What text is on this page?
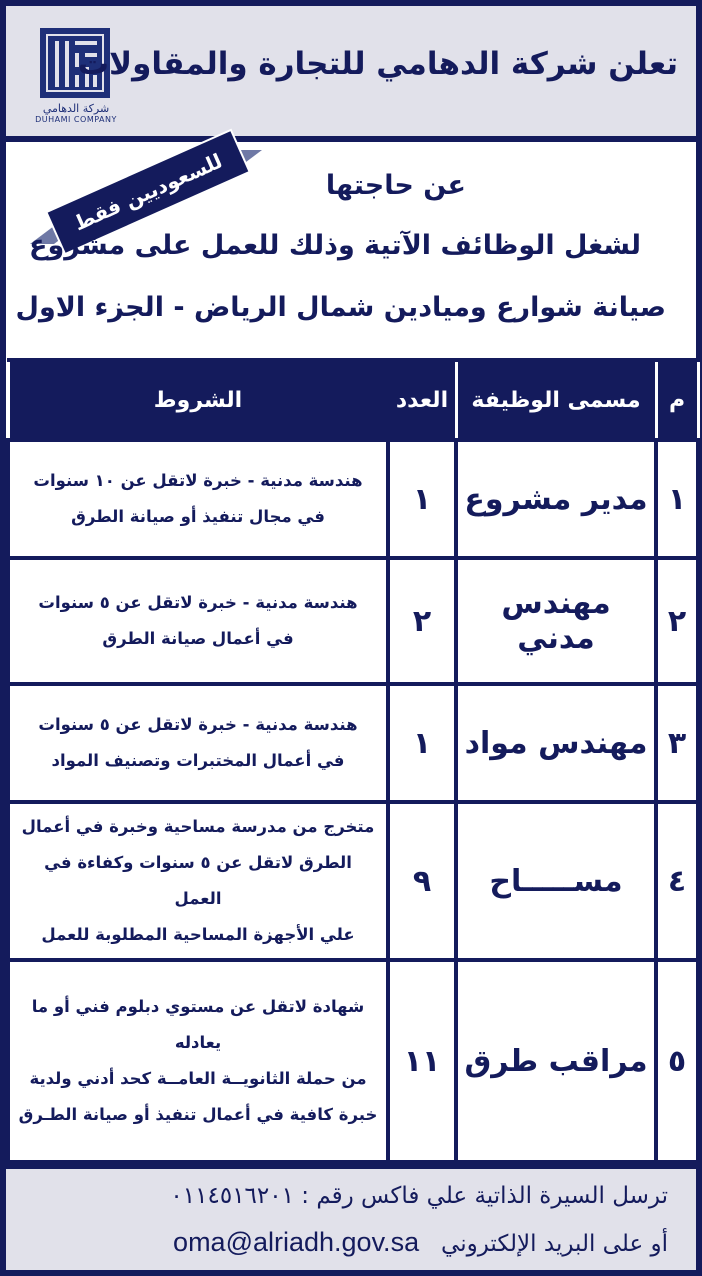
شركة الدهامي
DUHAMI COMPANY
تعلن شركة الدهامي للتجارة والمقاولات
للسعوديين فقط	عن حاجتها
لشغل الوظائف الآتية وذلك للعمل على مشروع
صيانة شوارع وميادين شمال الرياض - الجزء الاول
الشروط	العدد	مسمى الوظيفة	م

هندسة مدنية - خبرة لاتقل عن ١٠ سنوات
في مجال تنفيذ أو صيانة الطرق	١	مدير مشروع	١

هندسة مدنية - خبرة لاتقل عن ٥ سنوات
في أعمال صيانة الطرق	٢	مهندس مدني	٢

هندسة مدنية - خبرة لاتقل عن ٥ سنوات
في أعمال المختبرات وتصنيف المواد	١	مهندس مواد	٣

متخرج من مدرسة مساحية وخبرة في أعمال
الطرق لاتقل عن ٥ سنوات وكفاءة في العمل
علي الأجهزة المساحية المطلوبة للعمل	٩	مســـــاح	٤

شهادة لاتقل عن مستوي دبلوم فني أو ما يعادله
من حملة الثانويــة العامــة كحد أدني ولدية
خبرة كافية في أعمال تنفيذ أو صيانة الطـرق	١١	مراقب طرق	٥
ترسل السيرة الذاتية علي فاكس رقم : ٠١١٤٥١٦٢٠١
أو على البريد الإلكتروني   oma@alriadh.gov.sa
